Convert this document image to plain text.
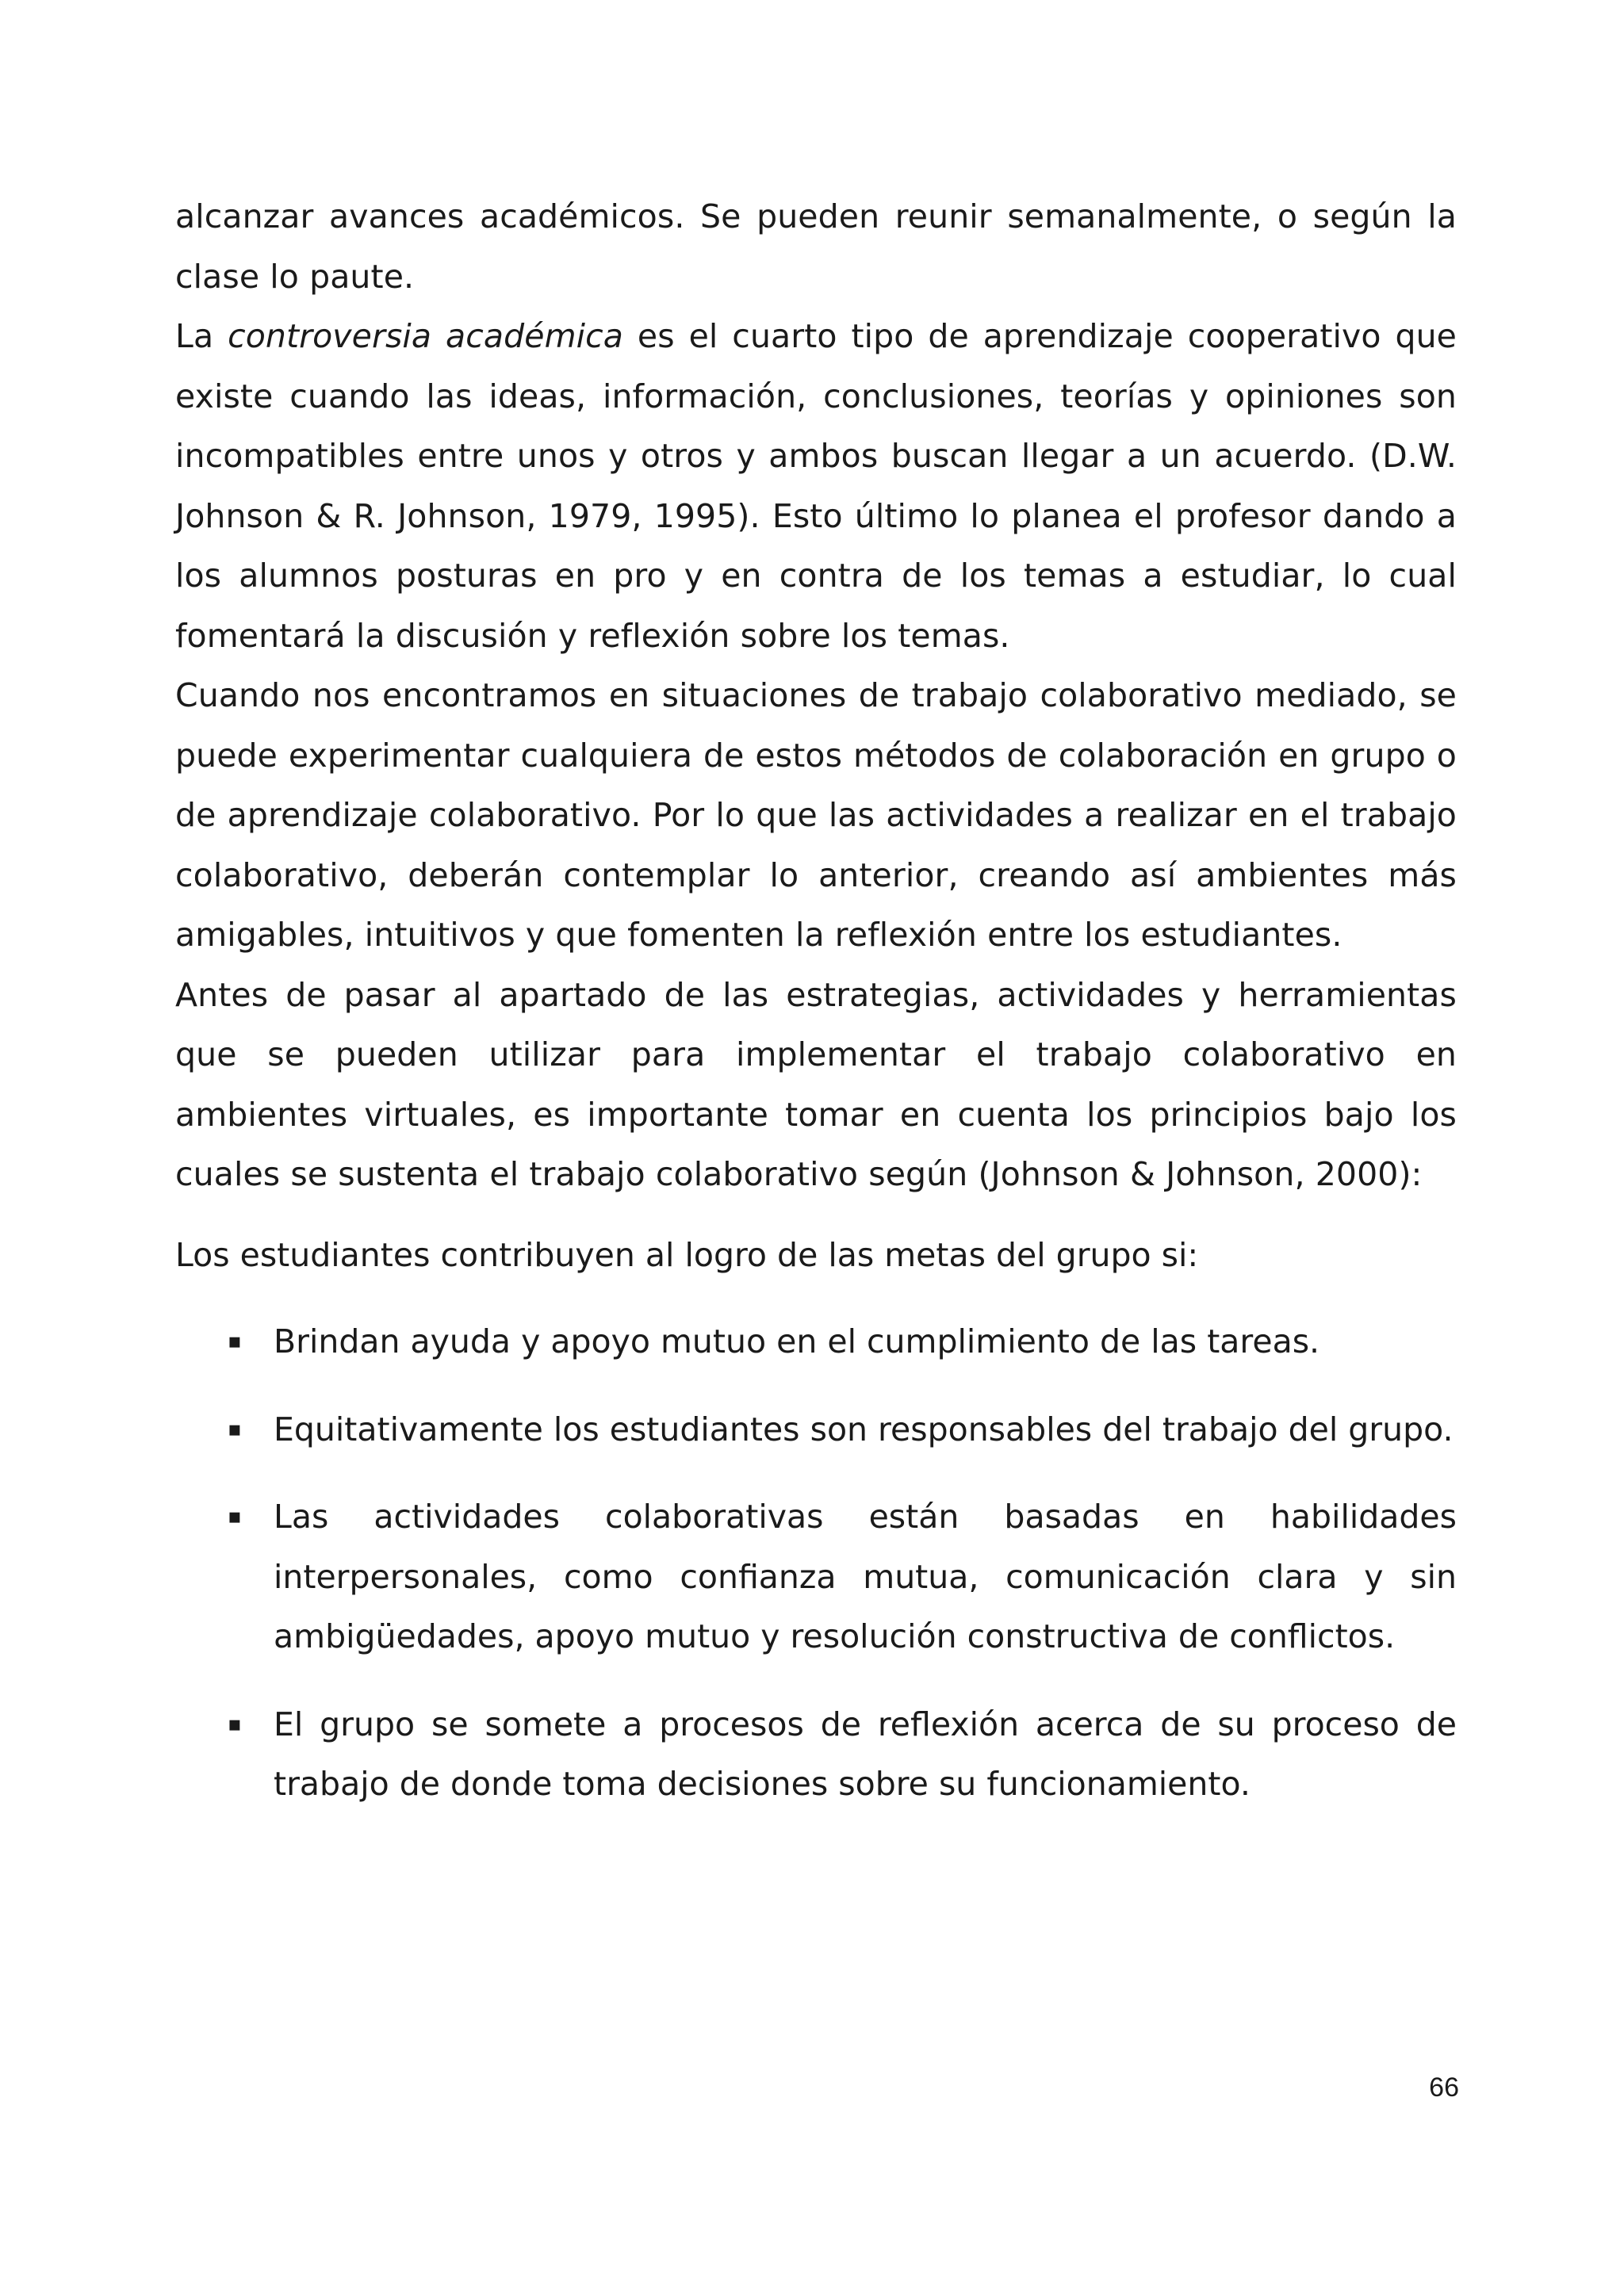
alcanzar avances académicos. Se pueden reunir semanalmente, o según la clase lo paute.

La controversia académica es el cuarto tipo de aprendizaje cooperativo que existe cuando las ideas, información, conclusiones, teorías y opiniones son incompatibles entre unos y otros y ambos buscan llegar a un acuerdo. (D.W. Johnson & R. Johnson, 1979, 1995). Esto último lo planea el profesor dando a los alumnos posturas en pro y en contra de los temas a estudiar, lo cual fomentará la discusión y reflexión sobre los temas.

Cuando nos encontramos en situaciones de trabajo colaborativo mediado, se puede experimentar cualquiera de estos métodos de colaboración en grupo o de aprendizaje colaborativo. Por lo que las actividades a realizar en el trabajo colaborativo, deberán contemplar lo anterior, creando así ambientes más amigables, intuitivos y que fomenten la reflexión entre los estudiantes.

Antes de pasar al apartado de las estrategias, actividades y herramientas que se pueden utilizar para implementar el trabajo colaborativo en ambientes virtuales, es importante tomar en cuenta los principios bajo los cuales se sustenta el trabajo colaborativo según (Johnson & Johnson, 2000):

Los estudiantes contribuyen al logro de las metas del grupo si:

▪ Brindan ayuda y apoyo mutuo en el cumplimiento de las tareas.
▪ Equitativamente los estudiantes son responsables del trabajo del grupo.
▪ Las actividades colaborativas están basadas en habilidades interpersonales, como confianza mutua, comunicación clara y sin ambigüedades, apoyo mutuo y resolución constructiva de conflictos.
▪ El grupo se somete a procesos de reflexión acerca de su proceso de trabajo de donde toma decisiones sobre su funcionamiento.
66
